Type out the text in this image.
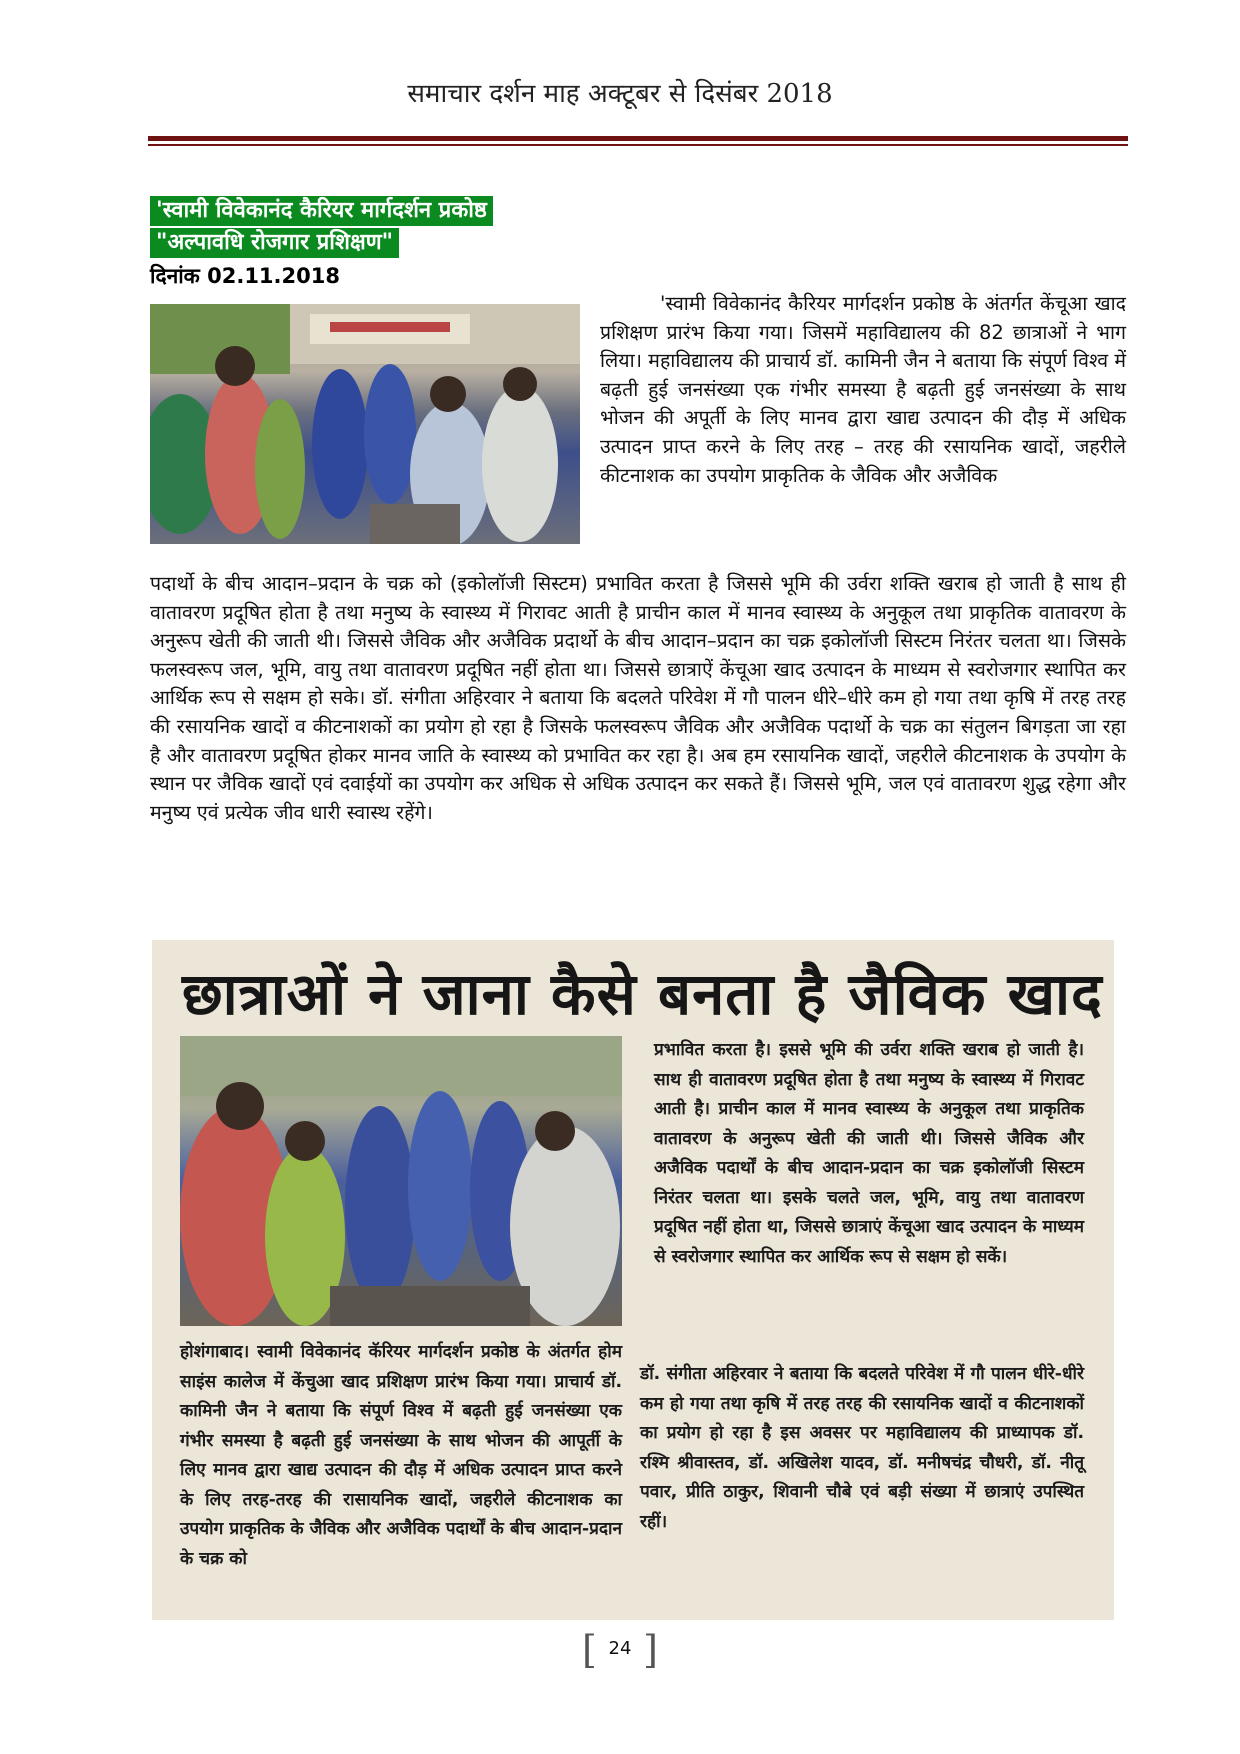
समाचार दर्शन माह अक्टूबर से दिसंबर 2018
'स्वामी विवेकानंद कैरियर मार्गदर्शन प्रकोष्ठ
"अल्पावधि रोजगार प्रशिक्षण"
दिनांक 02.11.2018
'स्वामी विवेकानंद कैरियर मार्गदर्शन प्रकोष्ठ के अंतर्गत केंचूआ खाद प्रशिक्षण प्रारंभ किया गया। जिसमें महाविद्यालय की 82 छात्राओं ने भाग लिया। महाविद्यालय की प्राचार्य डॉ. कामिनी जैन ने बताया कि संपूर्ण विश्व में बढ़ती हुई जनसंख्या एक गंभीर समस्या है बढ़ती हुई जनसंख्या के साथ भोजन की अपूर्ती के लिए मानव द्वारा खाद्य उत्पादन की दौड़ में अधिक उत्पादन प्राप्त करने के लिए तरह – तरह की रसायनिक खादों, जहरीले कीटनाशक का उपयोग प्राकृतिक के जैविक और अजैविक
पदार्थो के बीच आदान–प्रदान के चक्र को (इकोलॉजी सिस्टम) प्रभावित करता है जिससे भूमि की उर्वरा शक्ति खराब हो जाती है साथ ही वातावरण प्रदूषित होता है तथा मनुष्य के स्वास्थ्य में गिरावट आती है प्राचीन काल में मानव स्वास्थ्य के अनुकूल तथा प्राकृतिक वातावरण के अनुरूप खेती की जाती थी। जिससे जैविक और अजैविक प्रदार्थो के बीच आदान–प्रदान का चक्र इकोलॉजी सिस्टम निरंतर चलता था। जिसके फलस्वरूप जल, भूमि, वायु तथा वातावरण प्रदूषित नहीं होता था। जिससे छात्राऐं केंचूआ खाद उत्पादन के माध्यम से स्वरोजगार स्थापित कर आर्थिक रूप से सक्षम हो सके। डॉ. संगीता अहिरवार ने बताया कि बदलते परिवेश में गौ पालन धीरे–धीरे कम हो गया तथा कृषि में तरह तरह की रसायनिक खादों व कीटनाशकों का प्रयोग हो रहा है जिसके फलस्वरूप जैविक और अजैविक पदार्थो के चक्र का संतुलन बिगड़ता जा रहा है और वातावरण प्रदूषित होकर मानव जाति के स्वास्थ्य को प्रभावित कर रहा है। अब हम रसायनिक खादों, जहरीले कीटनाशक के उपयोग के स्थान पर जैविक खादों एवं दवाईयों का उपयोग कर अधिक से अधिक उत्पादन कर सकते हैं। जिससे भूमि, जल एवं वातावरण शुद्ध रहेगा और मनुष्य एवं प्रत्येक जीव धारी स्वास्थ रहेंगे।
छात्राओं ने जाना कैसे बनता है जैविक खाद
प्रभावित करता है। इससे भूमि की उर्वरा शक्ति खराब हो जाती है। साथ ही वातावरण प्रदूषित होता है तथा मनुष्य के स्वास्थ्य में गिरावट आती है। प्राचीन काल में मानव स्वास्थ्य के अनुकूल तथा प्राकृतिक वातावरण के अनुरूप खेती की जाती थी। जिससे जैविक और अजैविक पदार्थों के बीच आदान-प्रदान का चक्र इकोलॉजी सिस्टम निरंतर चलता था। इसके चलते जल, भूमि, वायु तथा वातावरण प्रदूषित नहीं होता था, जिससे छात्राएं केंचूआ खाद उत्पादन के माध्यम से स्वरोजगार स्थापित कर आर्थिक रूप से सक्षम हो सकें।
डॉ. संगीता अहिरवार ने बताया कि बदलते परिवेश में गौ पालन धीरे-धीरे कम हो गया तथा कृषि में तरह तरह की रसायनिक खादों व कीटनाशकों का प्रयोग हो रहा है इस अवसर पर महाविद्यालय की प्राध्यापक डॉ. रश्मि श्रीवास्तव, डॉ. अखिलेश यादव, डॉ. मनीषचंद्र चौधरी, डॉ. नीतू पवार, प्रीति ठाकुर, शिवानी चौबे एवं बड़ी संख्या में छात्राएं उपस्थित रहीं।
होशंगाबाद। स्वामी विवेकानंद कॅरियर मार्गदर्शन प्रकोष्ठ के अंतर्गत होम साइंस कालेज में केंचुआ खाद प्रशिक्षण प्रारंभ किया गया। प्राचार्य डॉ. कामिनी जैन ने बताया कि संपूर्ण विश्व में बढ़ती हुई जनसंख्या एक गंभीर समस्या है बढ़ती हुई जनसंख्या के साथ भोजन की आपूर्ती के लिए मानव द्वारा खाद्य उत्पादन की दौड़ में अधिक उत्पादन प्राप्त करने के लिए तरह-तरह की रासायनिक खादों, जहरीले कीटनाशक का उपयोग प्राकृतिक के जैविक और अजैविक पदार्थों के बीच आदान-प्रदान के चक्र को
[ 24 ]
